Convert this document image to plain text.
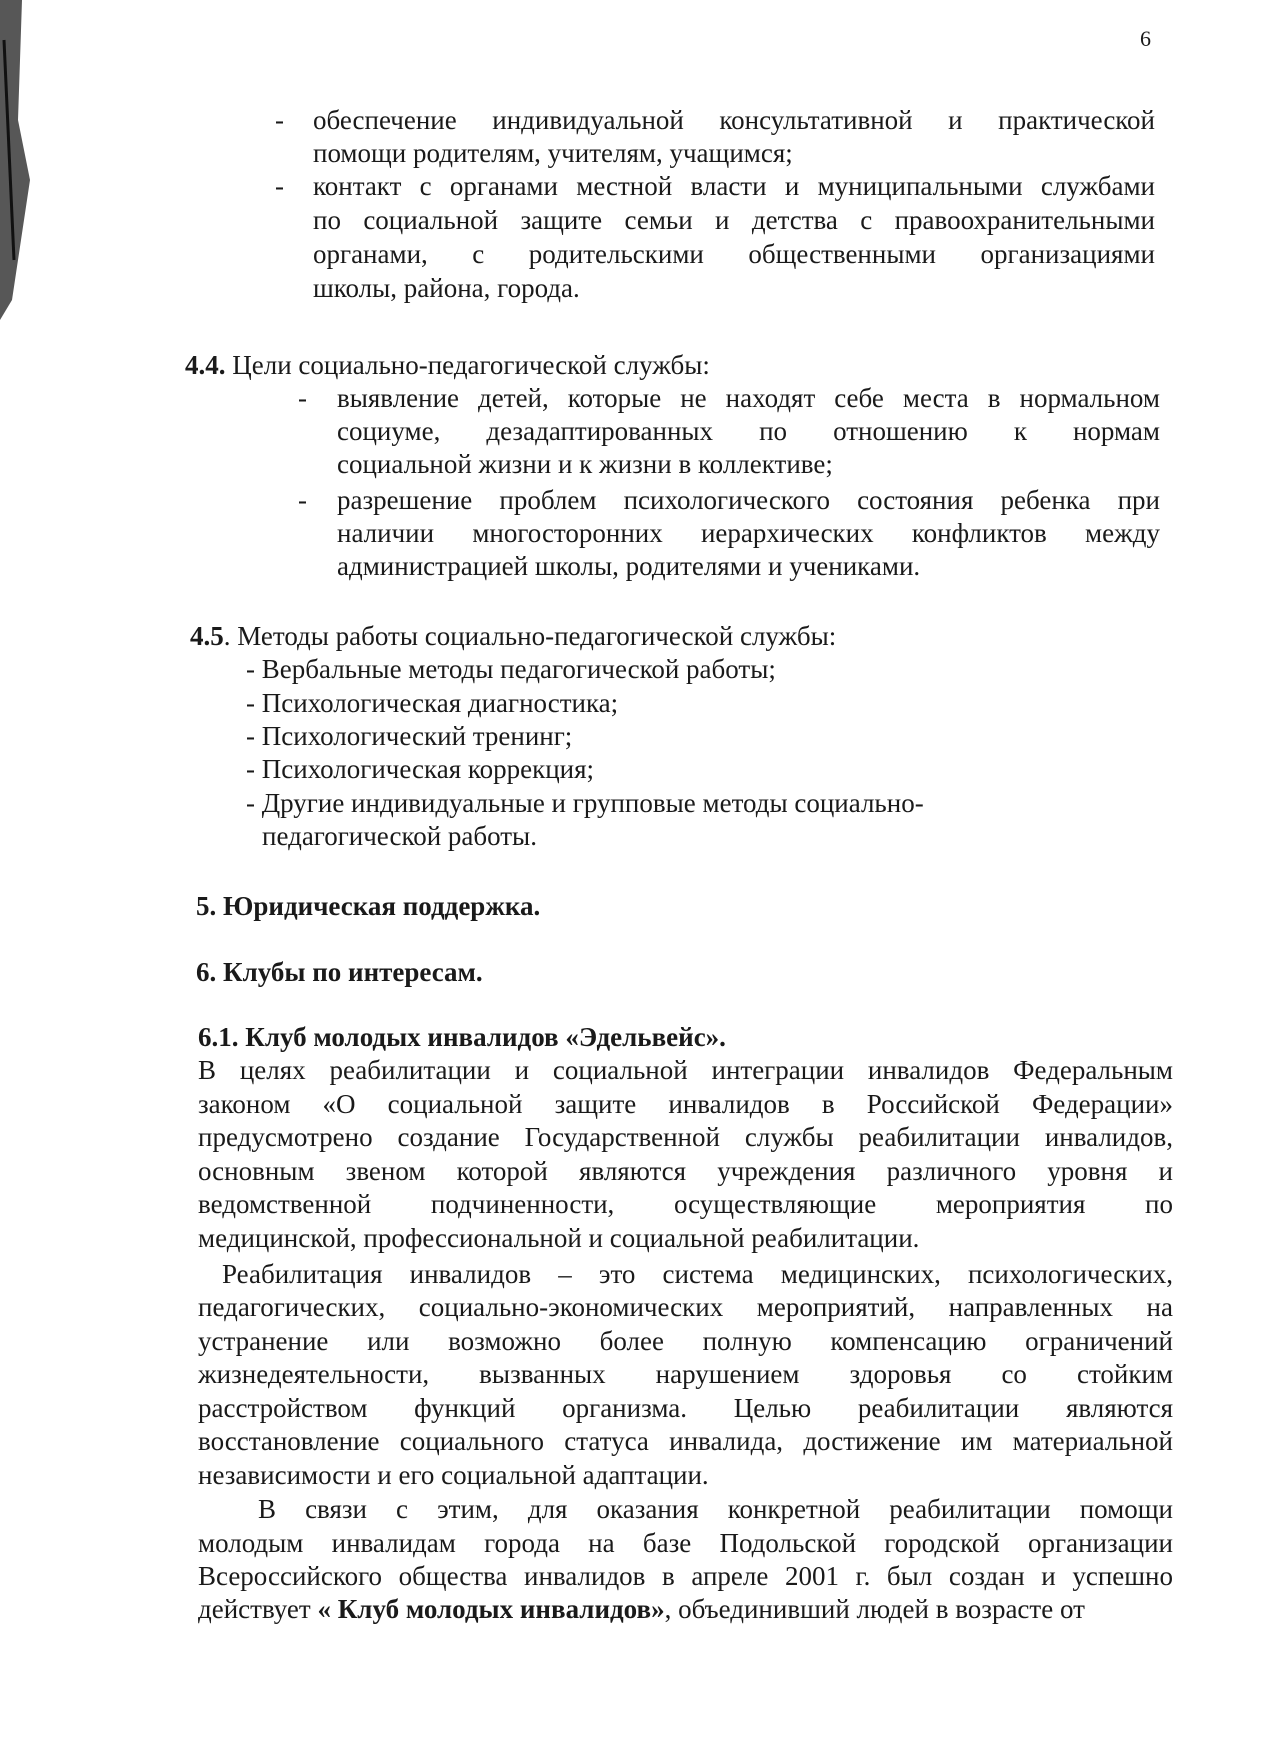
6
- обеспечение индивидуальной консультативной и практической
помощи родителям, учителям, учащимся;
- контакт с органами местной власти и муниципальными службами
по социальной защите семьи и детства с правоохранительными
органами, с родительскими общественными организациями
школы, района, города.
4.4. Цели социально-педагогической службы:
- выявление детей, которые не находят себе места в нормальном
социуме, дезадаптированных по отношению к нормам
социальной жизни и к жизни в коллективе;
- разрешение проблем психологического состояния ребенка при
наличии многосторонних иерархических конфликтов между
администрацией школы, родителями и учениками.
4.5. Методы работы социально-педагогической службы:
- Вербальные методы педагогической работы;
- Психологическая диагностика;
- Психологический тренинг;
- Психологическая коррекция;
- Другие индивидуальные и групповые методы социально-
педагогической работы.
5. Юридическая поддержка.
6. Клубы по интересам.
6.1. Клуб молодых инвалидов «Эдельвейс».
В целях реабилитации и социальной интеграции инвалидов Федеральным
законом «О социальной защите инвалидов в Российской Федерации»
предусмотрено создание Государственной службы реабилитации инвалидов,
основным звеном которой являются учреждения различного уровня и
ведомственной подчиненности, осуществляющие мероприятия по
медицинской, профессиональной и социальной реабилитации.
Реабилитация инвалидов – это система медицинских, психологических,
педагогических, социально-экономических мероприятий, направленных на
устранение или возможно более полную компенсацию ограничений
жизнедеятельности, вызванных нарушением здоровья со стойким
расстройством функций организма. Целью реабилитации являются
восстановление социального статуса инвалида, достижение им материальной
независимости и его социальной адаптации.
В связи с этим, для оказания конкретной реабилитации помощи
молодым инвалидам города на базе Подольской городской организации
Всероссийского общества инвалидов в апреле 2001 г. был создан и успешно
действует « Клуб молодых инвалидов», объединивший людей в возрасте от
